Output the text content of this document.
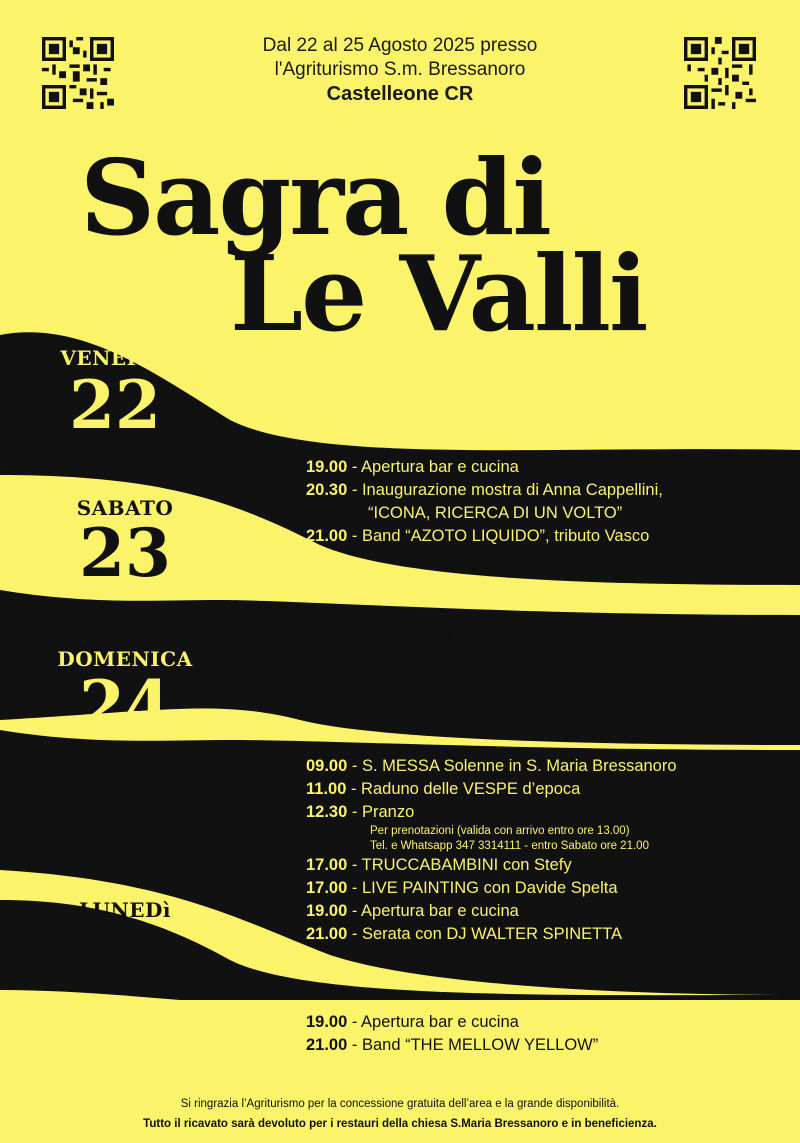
Dal 22 al 25 Agosto 2025 presso
l'Agriturismo S.m. Bressanoro
Castelleone CR
Sagra di
Le Valli
VENERDì
22
SABATO
23
DOMENICA
24
LUNEDì
25
19.00 - Apertura bar e cucina
20.30 - Inaugurazione mostra di Anna Cappellini,
“ICONA, RICERCA DI UN VOLTO”
21.00 - Band “AZOTO LIQUIDO”, tributo Vasco
19.00 - Apertura bar e cucina
21.00 - Band “PUNTO.IT”
09.00 - S. MESSA Solenne in S. Maria Bressanoro
11.00 - Raduno delle VESPE d’epoca
12.30 - Pranzo
Per prenotazioni (valida con arrivo entro ore 13.00)
Tel. e Whatsapp 347 3314111 - entro Sabato ore 21.00
17.00 - TRUCCABAMBINI con Stefy
17.00 - LIVE PAINTING con Davide Spelta
19.00 - Apertura bar e cucina
21.00 - Serata con DJ WALTER SPINETTA
19.00 - Apertura bar e cucina
21.00 - Band “THE MELLOW YELLOW”
Si ringrazia l’Agriturismo per la concessione gratuita dell’area e la grande disponibilità.
Tutto il ricavato sarà devoluto per i restauri della chiesa S.Maria Bressanoro e in beneficienza.
